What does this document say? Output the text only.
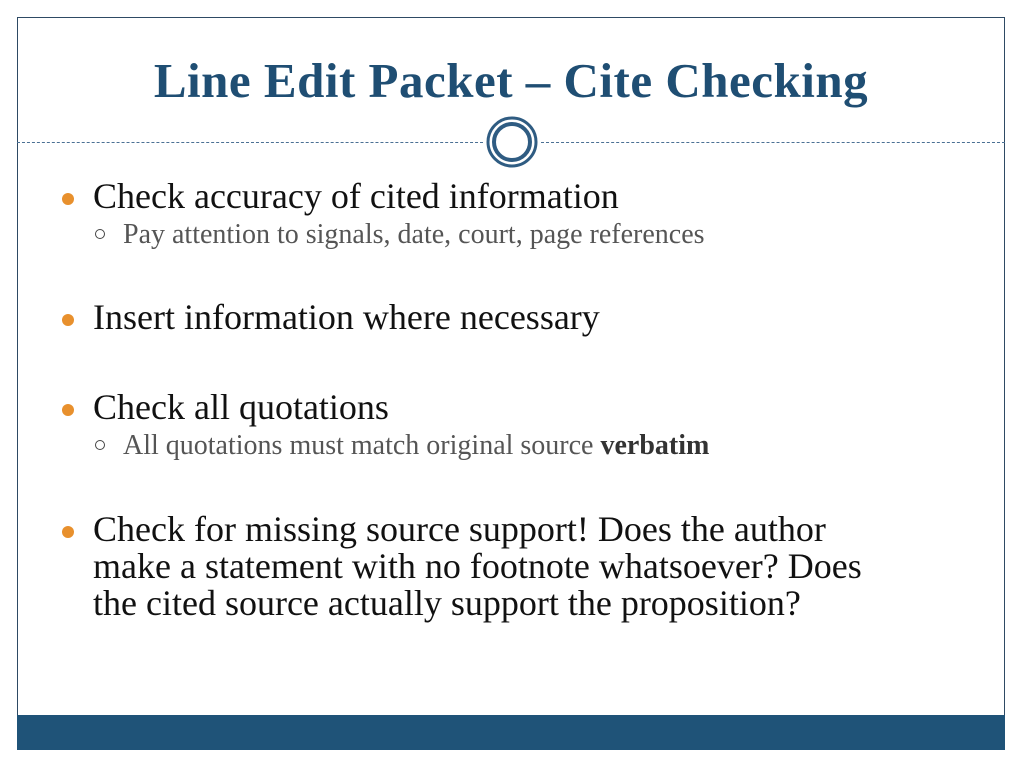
Line Edit Packet – Cite Checking
Check accuracy of cited information
Pay attention to signals, date, court, page references
Insert information where necessary
Check all quotations
All quotations must match original source verbatim
Check for missing source support! Does the author make a statement with no footnote whatsoever? Does the cited source actually support the proposition?
